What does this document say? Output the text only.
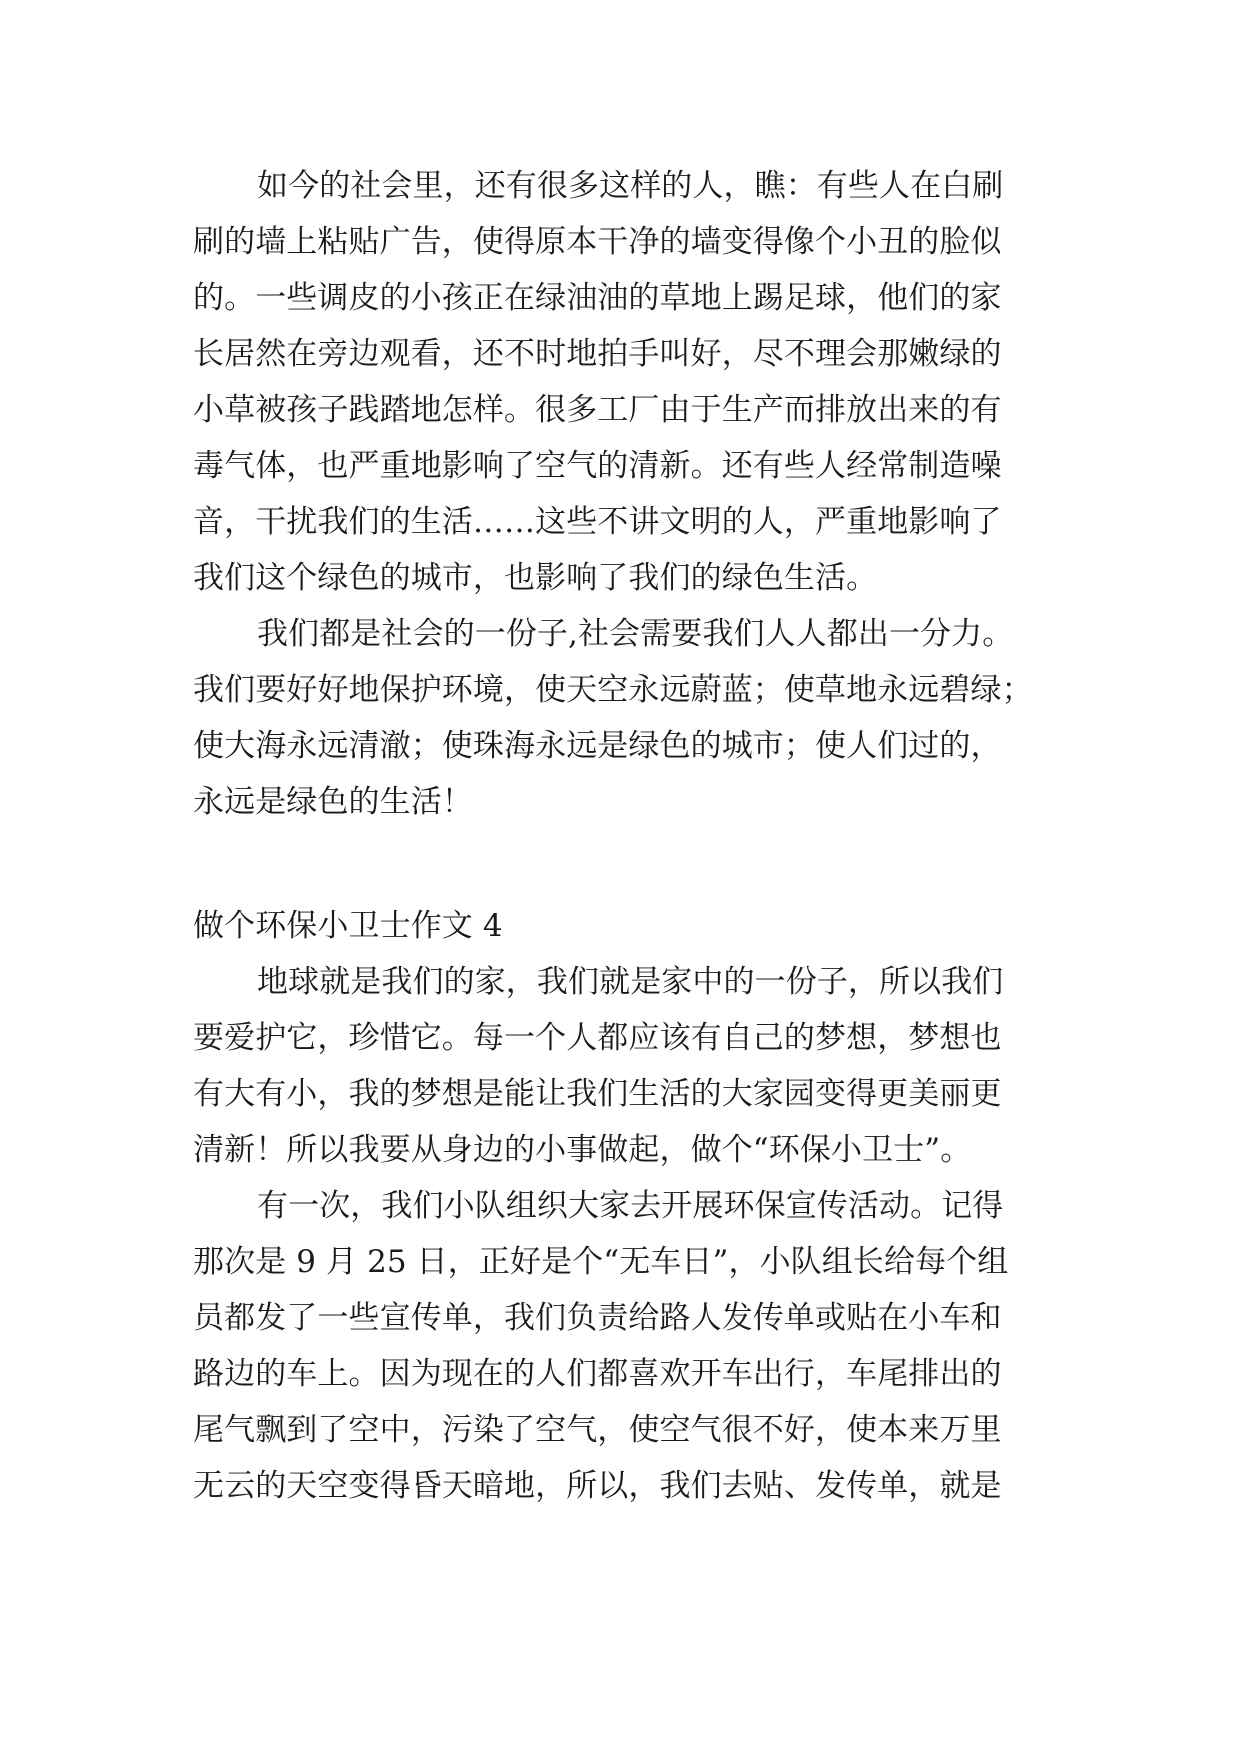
如今的社会里，还有很多这样的人，瞧：有些人在白刷
刷的墙上粘贴广告，使得原本干净的墙变得像个小丑的脸似
的。一些调皮的小孩正在绿油油的草地上踢足球，他们的家
长居然在旁边观看，还不时地拍手叫好，尽不理会那嫩绿的
小草被孩子践踏地怎样。很多工厂由于生产而排放出来的有
毒气体，也严重地影响了空气的清新。还有些人经常制造噪
音，干扰我们的生活……这些不讲文明的人，严重地影响了
我们这个绿色的城市，也影响了我们的绿色生活。
我们都是社会的一份子,社会需要我们人人都出一分力。
我们要好好地保护环境，使天空永远蔚蓝；使草地永远碧绿；
使大海永远清澈；使珠海永远是绿色的城市；使人们过的，
永远是绿色的生活！
做个环保小卫士作文 4
地球就是我们的家，我们就是家中的一份子，所以我们
要爱护它，珍惜它。每一个人都应该有自己的梦想，梦想也
有大有小，我的梦想是能让我们生活的大家园变得更美丽更
清新！所以我要从身边的小事做起，做个“环保小卫士”。
有一次，我们小队组织大家去开展环保宣传活动。记得
那次是 9 月 25 日，正好是个“无车日”，小队组长给每个组
员都发了一些宣传单，我们负责给路人发传单或贴在小车和
路边的车上。因为现在的人们都喜欢开车出行，车尾排出的
尾气飘到了空中，污染了空气，使空气很不好，使本来万里
无云的天空变得昏天暗地，所以，我们去贴、发传单，就是
